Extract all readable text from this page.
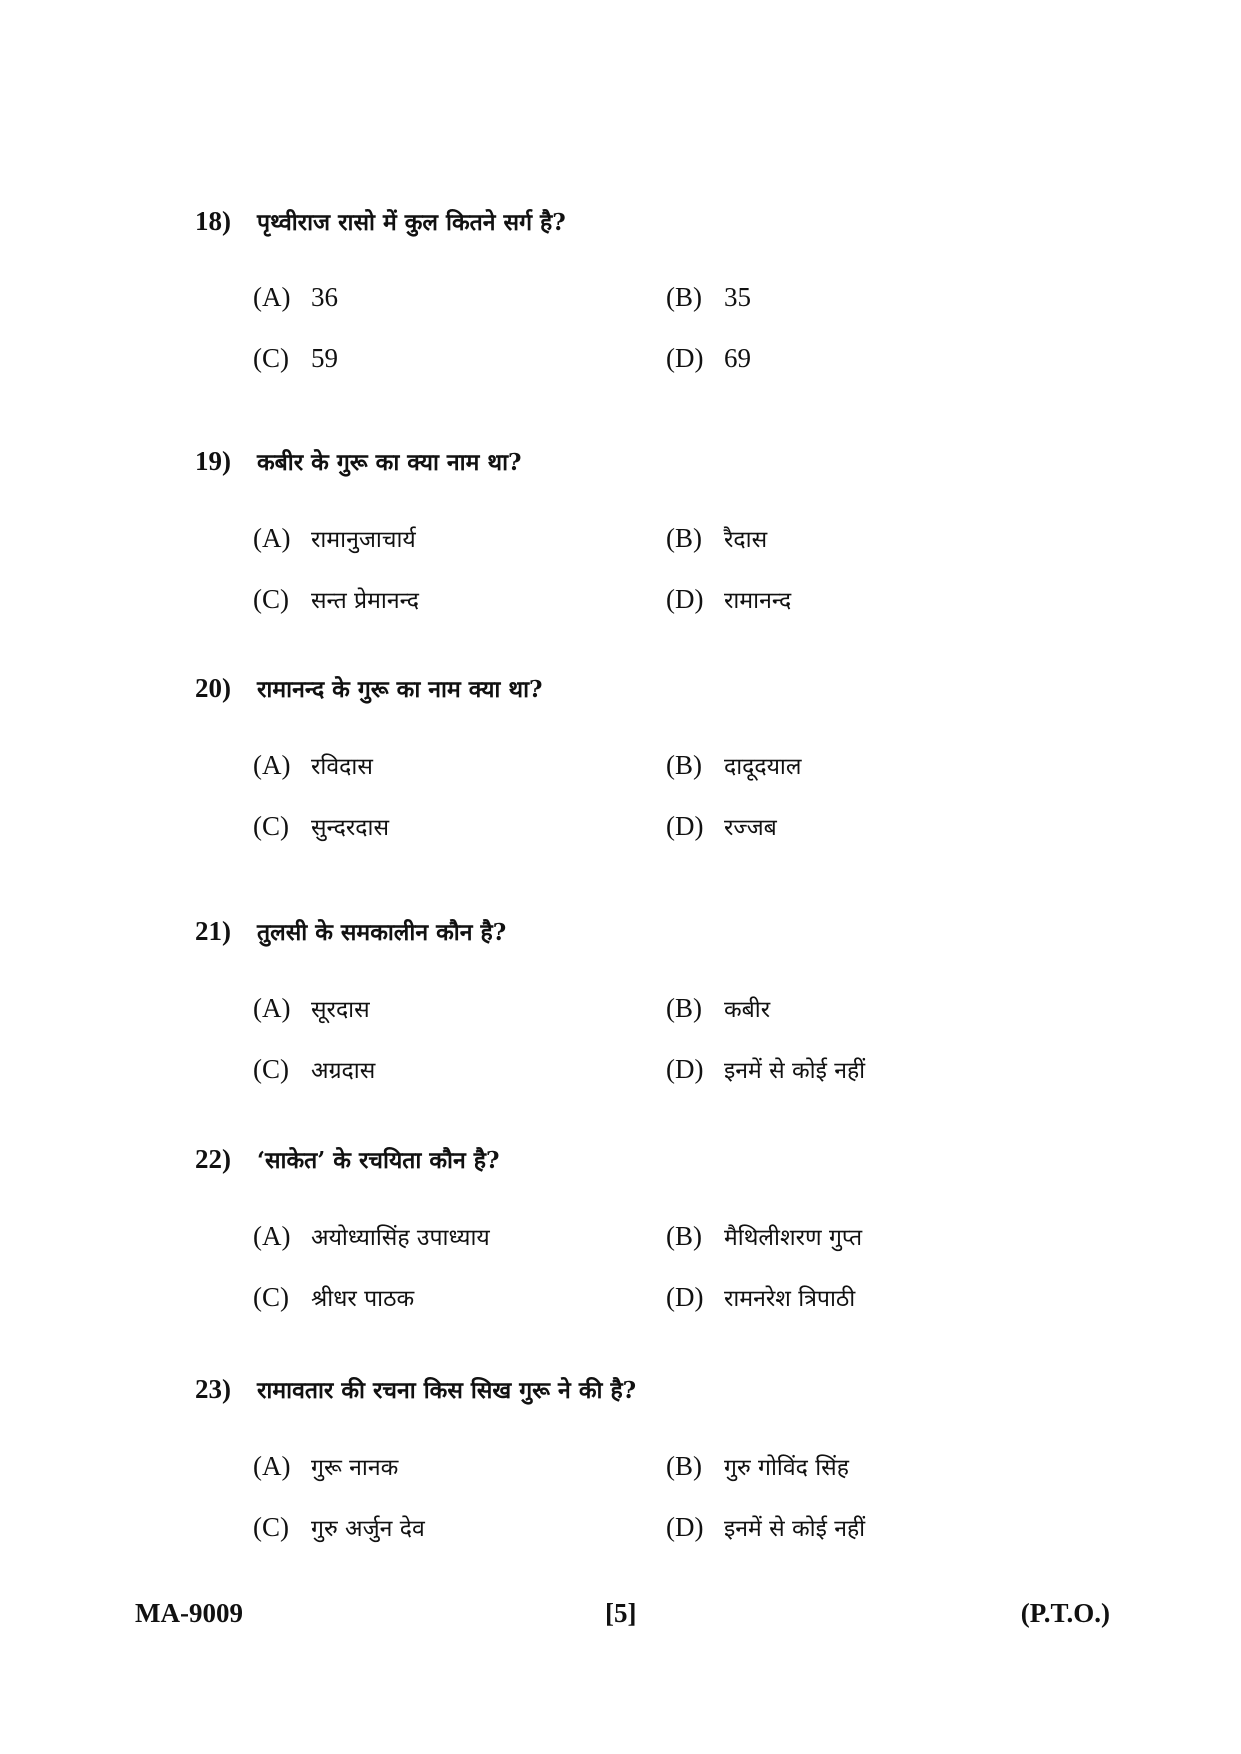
18)	पृथ्वीराज रासो में कुल कितने सर्ग है?
(A) 36	(B) 35
(C) 59	(D) 69
19)	कबीर के गुरू का क्या नाम था?
(A) रामानुजाचार्य	(B) रैदास
(C) सन्त प्रेमानन्द	(D) रामानन्द
20)	रामानन्द के गुरू का नाम क्या था?
(A) रविदास	(B) दादूदयाल
(C) सुन्दरदास	(D) रज्जब
21)	तुलसी के समकालीन कौन है?
(A) सूरदास	(B) कबीर
(C) अग्रदास	(D) इनमें से कोई नहीं
22)	‘साकेत’ के रचयिता कौन है?
(A) अयोध्यासिंह उपाध्याय	(B) मैथिलीशरण गुप्त
(C) श्रीधर पाठक	(D) रामनरेश त्रिपाठी
23)	रामावतार की रचना किस सिख गुरू ने की है?
(A) गुरू नानक	(B) गुरु गोविंद सिंह
(C) गुरु अर्जुन देव	(D) इनमें से कोई नहीं
MA-9009	[5]	(P.T.O.)
